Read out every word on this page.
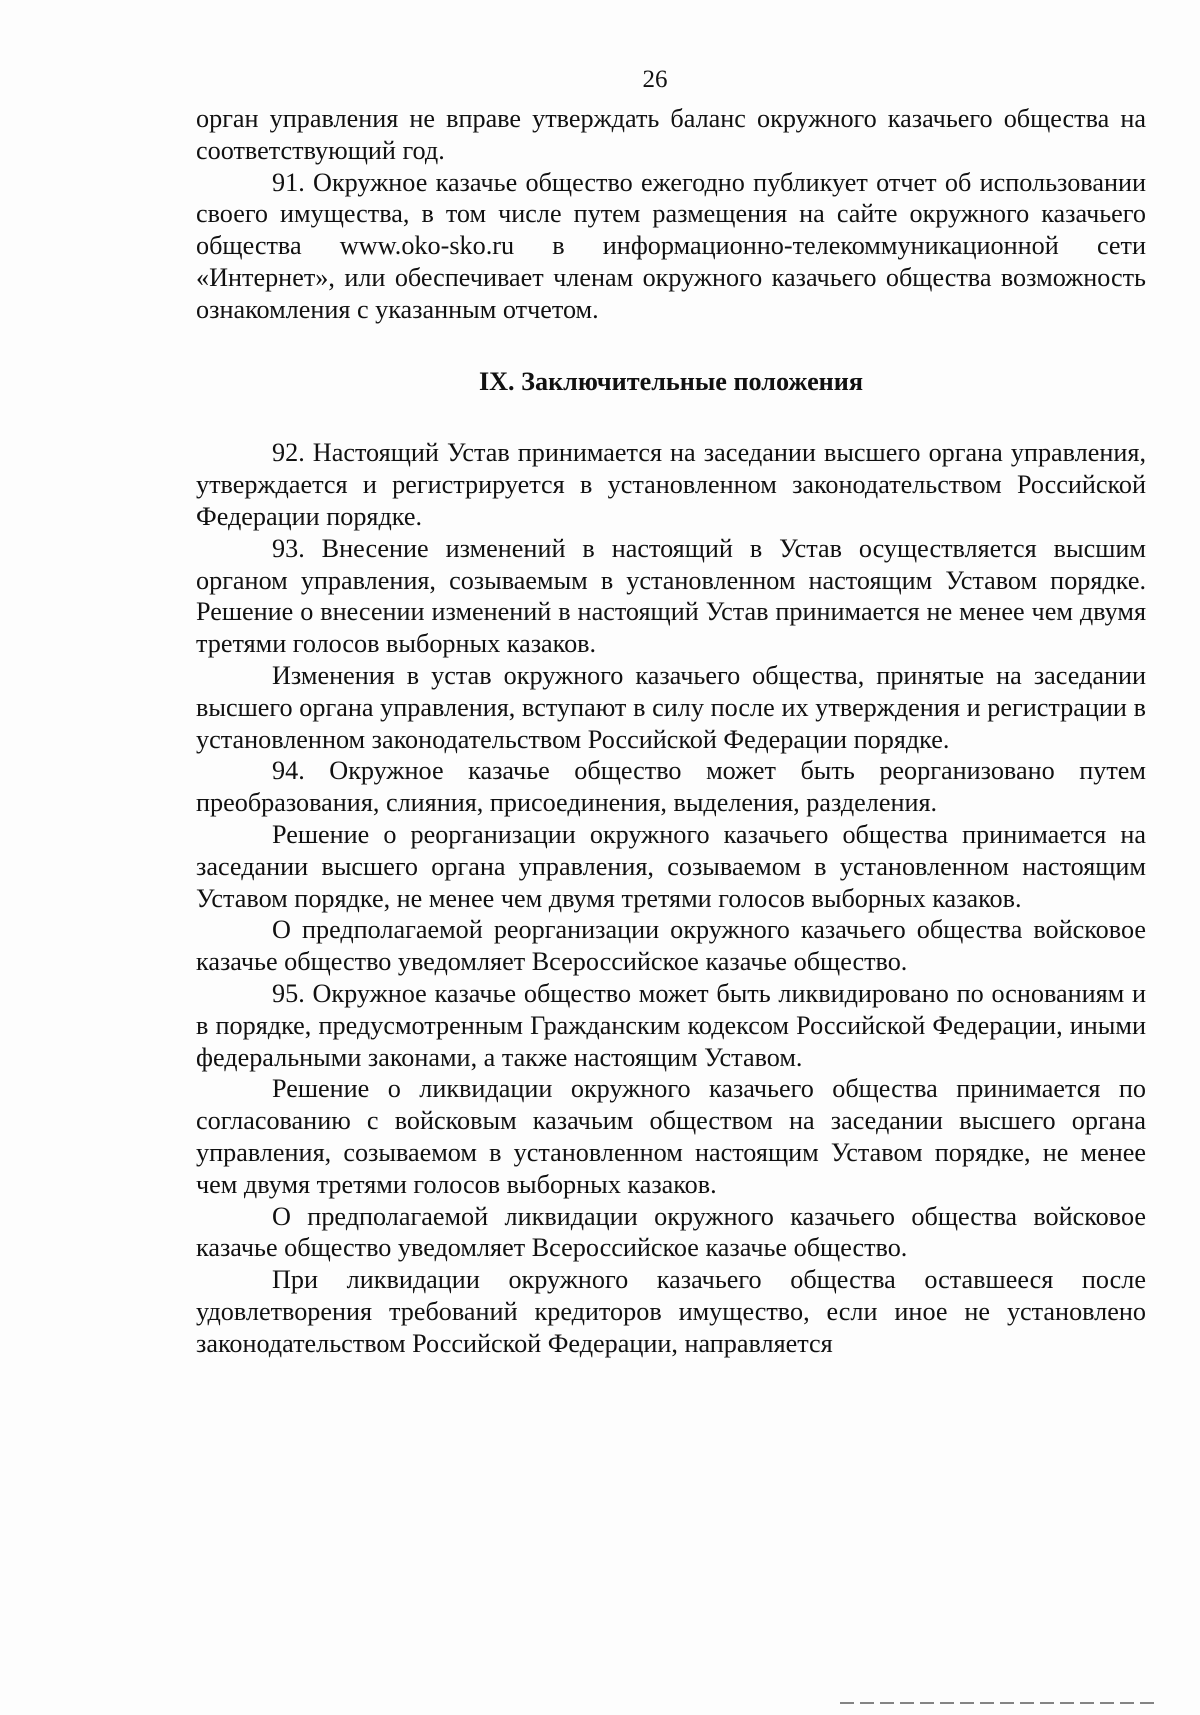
26

орган управления не вправе утверждать баланс окружного казачьего общества на соответствующий год.

91. Окружное казачье общество ежегодно публикует отчет об использовании своего имущества, в том числе путем размещения на сайте окружного казачьего общества www.oko-sko.ru в информационно-телекоммуникационной сети «Интернет», или обеспечивает членам окружного казачьего общества возможность ознакомления с указанным отчетом.

IX. Заключительные положения

92. Настоящий Устав принимается на заседании высшего органа управления, утверждается и регистрируется в установленном законодательством Российской Федерации порядке.

93. Внесение изменений в настоящий в Устав осуществляется высшим органом управления, созываемым в установленном настоящим Уставом порядке. Решение о внесении изменений в настоящий Устав принимается не менее чем двумя третями голосов выборных казаков.

Изменения в устав окружного казачьего общества, принятые на заседании высшего органа управления, вступают в силу после их утверждения и регистрации в установленном законодательством Российской Федерации порядке.

94. Окружное казачье общество может быть реорганизовано путем преобразования, слияния, присоединения, выделения, разделения.

Решение о реорганизации окружного казачьего общества принимается на заседании высшего органа управления, созываемом в установленном настоящим Уставом порядке, не менее чем двумя третями голосов выборных казаков.

О предполагаемой реорганизации окружного казачьего общества войсковое казачье общество уведомляет Всероссийское казачье общество.

95. Окружное казачье общество может быть ликвидировано по основаниям и в порядке, предусмотренным Гражданским кодексом Российской Федерации, иными федеральными законами, а также настоящим Уставом.

Решение о ликвидации окружного казачьего общества принимается по согласованию с войсковым казачьим обществом на заседании высшего органа управления, созываемом в установленном настоящим Уставом порядке, не менее чем двумя третями голосов выборных казаков.

О предполагаемой ликвидации окружного казачьего общества войсковое казачье общество уведомляет Всероссийское казачье общество.

При ликвидации окружного казачьего общества оставшееся после удовлетворения требований кредиторов имущество, если иное не установлено законодательством Российской Федерации, направляется
